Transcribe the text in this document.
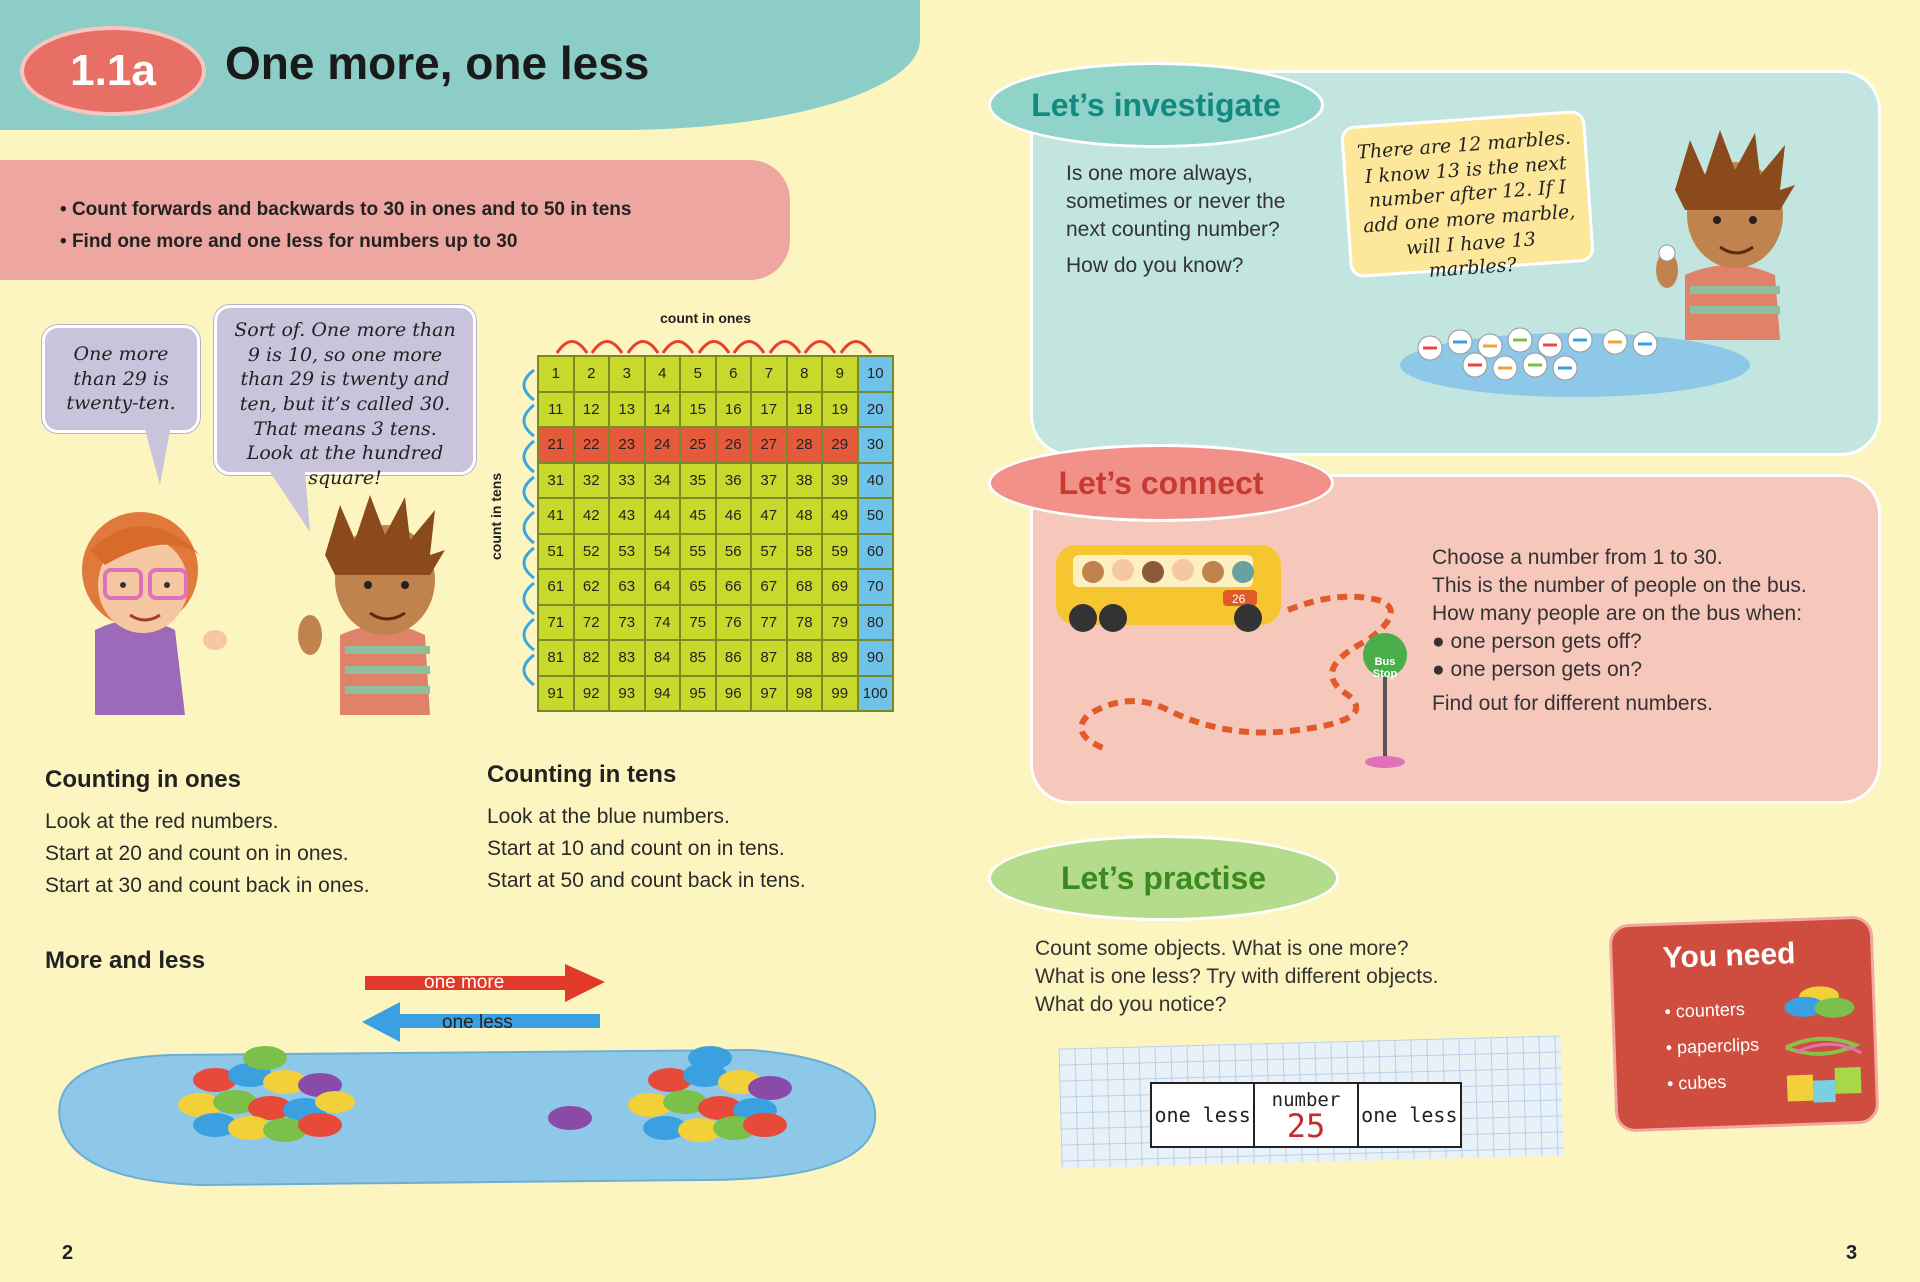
1.1a One more, one less
• Count forwards and backwards to 30 in ones and to 50 in tens
• Find one more and one less for numbers up to 30
One more than 29 is twenty-ten.
Sort of. One more than 9 is 10, so one more than 29 is twenty and ten, but it’s called 30. That means 3 tens. Look at the hundred square!
count in ones
count in tens
1	2	3	4	5	6	7	8	9	10
11	12	13	14	15	16	17	18	19	20
21	22	23	24	25	26	27	28	29	30
31	32	33	34	35	36	37	38	39	40
41	42	43	44	45	46	47	48	49	50
51	52	53	54	55	56	57	58	59	60
61	62	63	64	65	66	67	68	69	70
71	72	73	74	75	76	77	78	79	80
81	82	83	84	85	86	87	88	89	90
91	92	93	94	95	96	97	98	99 100
Counting in ones
Look at the red numbers.
Start at 20 and count on in ones.
Start at 30 and count back in ones.
Counting in tens
Look at the blue numbers.
Start at 10 and count on in tens.
Start at 50 and count back in tens.
More and less
one more
one less
2
Let’s investigate
Is one more always,
sometimes or never the
next counting number?
How do you know?
There are 12 marbles. I know 13 is the next number after 12. If I add one more marble, will I have 13 marbles?
Let’s connect
26
Bus Stop
Choose a number from 1 to 30.
This is the number of people on the bus.
How many people are on the bus when:
● one person gets off?
● one person gets on?
Find out for different numbers.
Let’s practise
Count some objects. What is one more?
What is one less? Try with different objects.
What do you notice?
one less
number
25 one less
You need
• counters
• paperclips
• cubes
3
